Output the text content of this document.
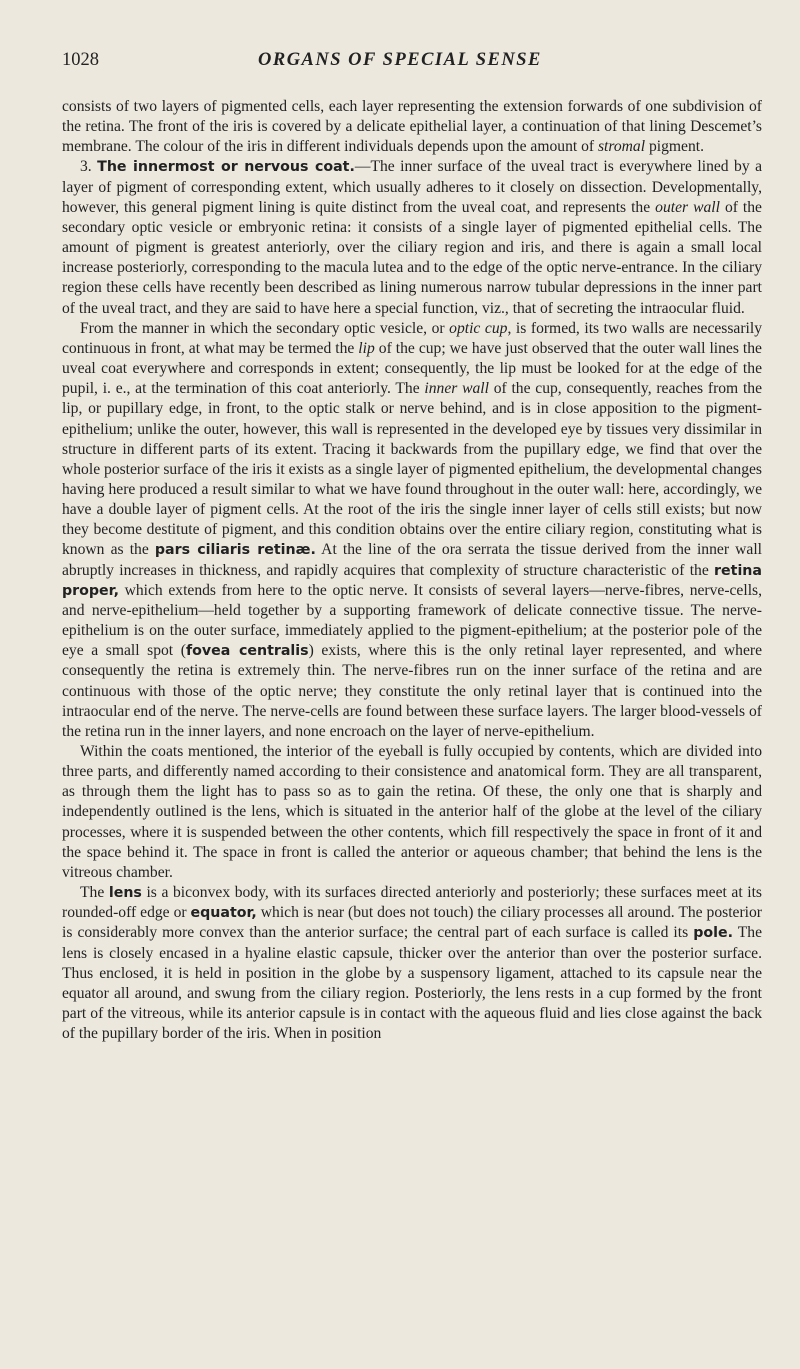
1028	ORGANS OF SPECIAL SENSE

consists of two layers of pigmented cells, each layer representing the extension forwards of one subdivision of the retina. The front of the iris is covered by a delicate epithelial layer, a continuation of that lining Descemet’s membrane. The colour of the iris in different individuals depends upon the amount of stromal pigment.

3. The innermost or nervous coat.—The inner surface of the uveal tract is everywhere lined by a layer of pigment of corresponding extent, which usually adheres to it closely on dissection. Developmentally, however, this general pigment lining is quite distinct from the uveal coat, and represents the outer wall of the secondary optic vesicle or embryonic retina: it consists of a single layer of pigmented epithelial cells. The amount of pigment is greatest anteriorly, over the ciliary region and iris, and there is again a small local increase posteriorly, corresponding to the macula lutea and to the edge of the optic nerve-entrance. In the ciliary region these cells have recently been described as lining numerous narrow tubular depressions in the inner part of the uveal tract, and they are said to have here a special function, viz., that of secreting the intraocular fluid.

From the manner in which the secondary optic vesicle, or optic cup, is formed, its two walls are necessarily continuous in front, at what may be termed the lip of the cup; we have just observed that the outer wall lines the uveal coat everywhere and corresponds in extent; consequently, the lip must be looked for at the edge of the pupil, i. e., at the termination of this coat anteriorly. The inner wall of the cup, consequently, reaches from the lip, or pupillary edge, in front, to the optic stalk or nerve behind, and is in close apposition to the pigment-epithelium; unlike the outer, however, this wall is represented in the developed eye by tissues very dissimilar in structure in different parts of its extent. Tracing it backwards from the pupillary edge, we find that over the whole posterior surface of the iris it exists as a single layer of pigmented epithelium, the developmental changes having here produced a result similar to what we have found throughout in the outer wall: here, accordingly, we have a double layer of pigment cells. At the root of the iris the single inner layer of cells still exists; but now they become destitute of pigment, and this condition obtains over the entire ciliary region, constituting what is known as the pars ciliaris retinæ. At the line of the ora serrata the tissue derived from the inner wall abruptly increases in thickness, and rapidly acquires that complexity of structure characteristic of the retina proper, which extends from here to the optic nerve. It consists of several layers—nerve-fibres, nerve-cells, and nerve-epithelium—held together by a supporting framework of delicate connective tissue. The nerve-epithelium is on the outer surface, immediately applied to the pigment-epithelium; at the posterior pole of the eye a small spot (fovea centralis) exists, where this is the only retinal layer represented, and where consequently the retina is extremely thin. The nerve-fibres run on the inner surface of the retina and are continuous with those of the optic nerve; they constitute the only retinal layer that is continued into the intraocular end of the nerve. The nerve-cells are found between these surface layers. The larger blood-vessels of the retina run in the inner layers, and none encroach on the layer of nerve-epithelium.

Within the coats mentioned, the interior of the eyeball is fully occupied by contents, which are divided into three parts, and differently named according to their consistence and anatomical form. They are all transparent, as through them the light has to pass so as to gain the retina. Of these, the only one that is sharply and independently outlined is the lens, which is situated in the anterior half of the globe at the level of the ciliary processes, where it is suspended between the other contents, which fill respectively the space in front of it and the space behind it. The space in front is called the anterior or aqueous chamber; that behind the lens is the vitreous chamber.

The lens is a biconvex body, with its surfaces directed anteriorly and posteriorly; these surfaces meet at its rounded-off edge or equator, which is near (but does not touch) the ciliary processes all around. The posterior is considerably more convex than the anterior surface; the central part of each surface is called its pole. The lens is closely encased in a hyaline elastic capsule, thicker over the anterior than over the posterior surface. Thus enclosed, it is held in position in the globe by a suspensory ligament, attached to its capsule near the equator all around, and swung from the ciliary region. Posteriorly, the lens rests in a cup formed by the front part of the vitreous, while its anterior capsule is in contact with the aqueous fluid and lies close against the back of the pupillary border of the iris. When in position
